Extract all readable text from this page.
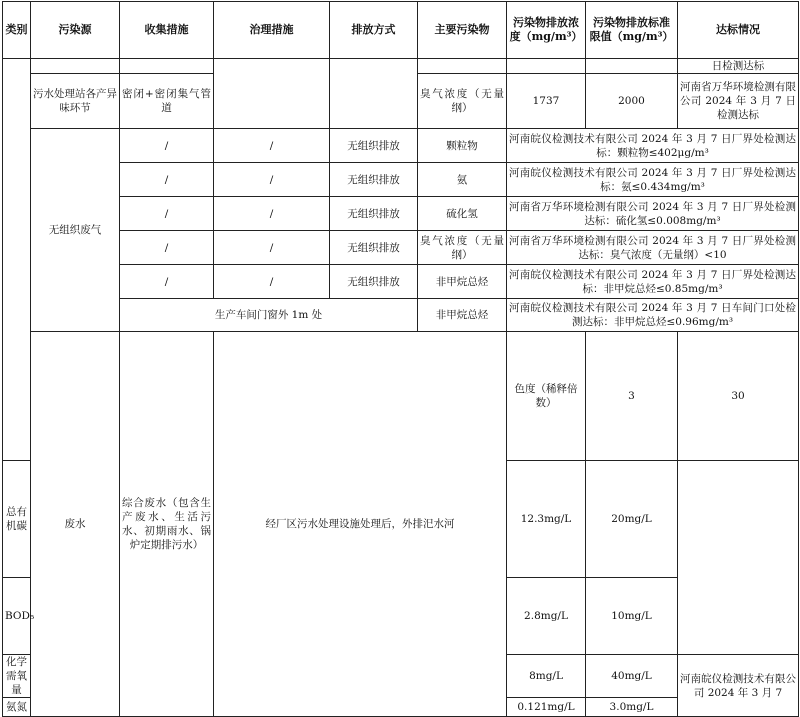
类别	污染源	收集措施	治理措施	排放方式	主要污染物	污染物排放浓度（mg/m³）	污染物排放标准限值（mg/m³）	达标情况	
								日检测达标	
	污水处理站各产异味环节	密闭+密闭集气管道			臭气浓度（无量纲）	1737	2000	河南省万华环境检测有限公司 2024 年 3 月 7 日检测达标	
	无组织废气	/	/	无组织排放	颗粒物	河南皖仪检测技术有限公司 2024 年 3 月 7 日厂界处检测达标：颗粒物≤402μg/m³			
		/	/	无组织排放	氨	河南皖仪检测技术有限公司 2024 年 3 月 7 日厂界处检测达标：氨≤0.434mg/m³			
		/	/	无组织排放	硫化氢	河南省万华环境检测有限公司 2024 年 3 月 7 日厂界处检测达标：硫化氢≤0.008mg/m³			
		/	/	无组织排放	臭气浓度（无量纲）	河南省万华环境检测有限公司 2024 年 3 月 7 日厂界处检测达标：臭气浓度（无量纲）<10			
		/	/	无组织排放	非甲烷总烃	河南皖仪检测技术有限公司 2024 年 3 月 7 日厂界处检测达标：非甲烷总烃≤0.85mg/m³			
		生产车间门窗外 1m 处			非甲烷总烃	河南皖仪检测技术有限公司 2024 年 3 月 7 日车间门口处检测达标：非甲烷总烃≤0.96mg/m³			
	废水	综合废水（包含生产废水、生活污水、初期雨水、锅炉定期排污水）	经厂区污水处理设施处理后，外排汜水河			色度（稀释倍数）	3	30	
总有机碳						12.3mg/L	20mg/L		
BOD₅						2.8mg/L	10mg/L		
化学需氧量						8mg/L	40mg/L	河南皖仪检测技术有限公司 2024 年 3 月 7	
氨氮						0.121mg/L	3.0mg/L		
